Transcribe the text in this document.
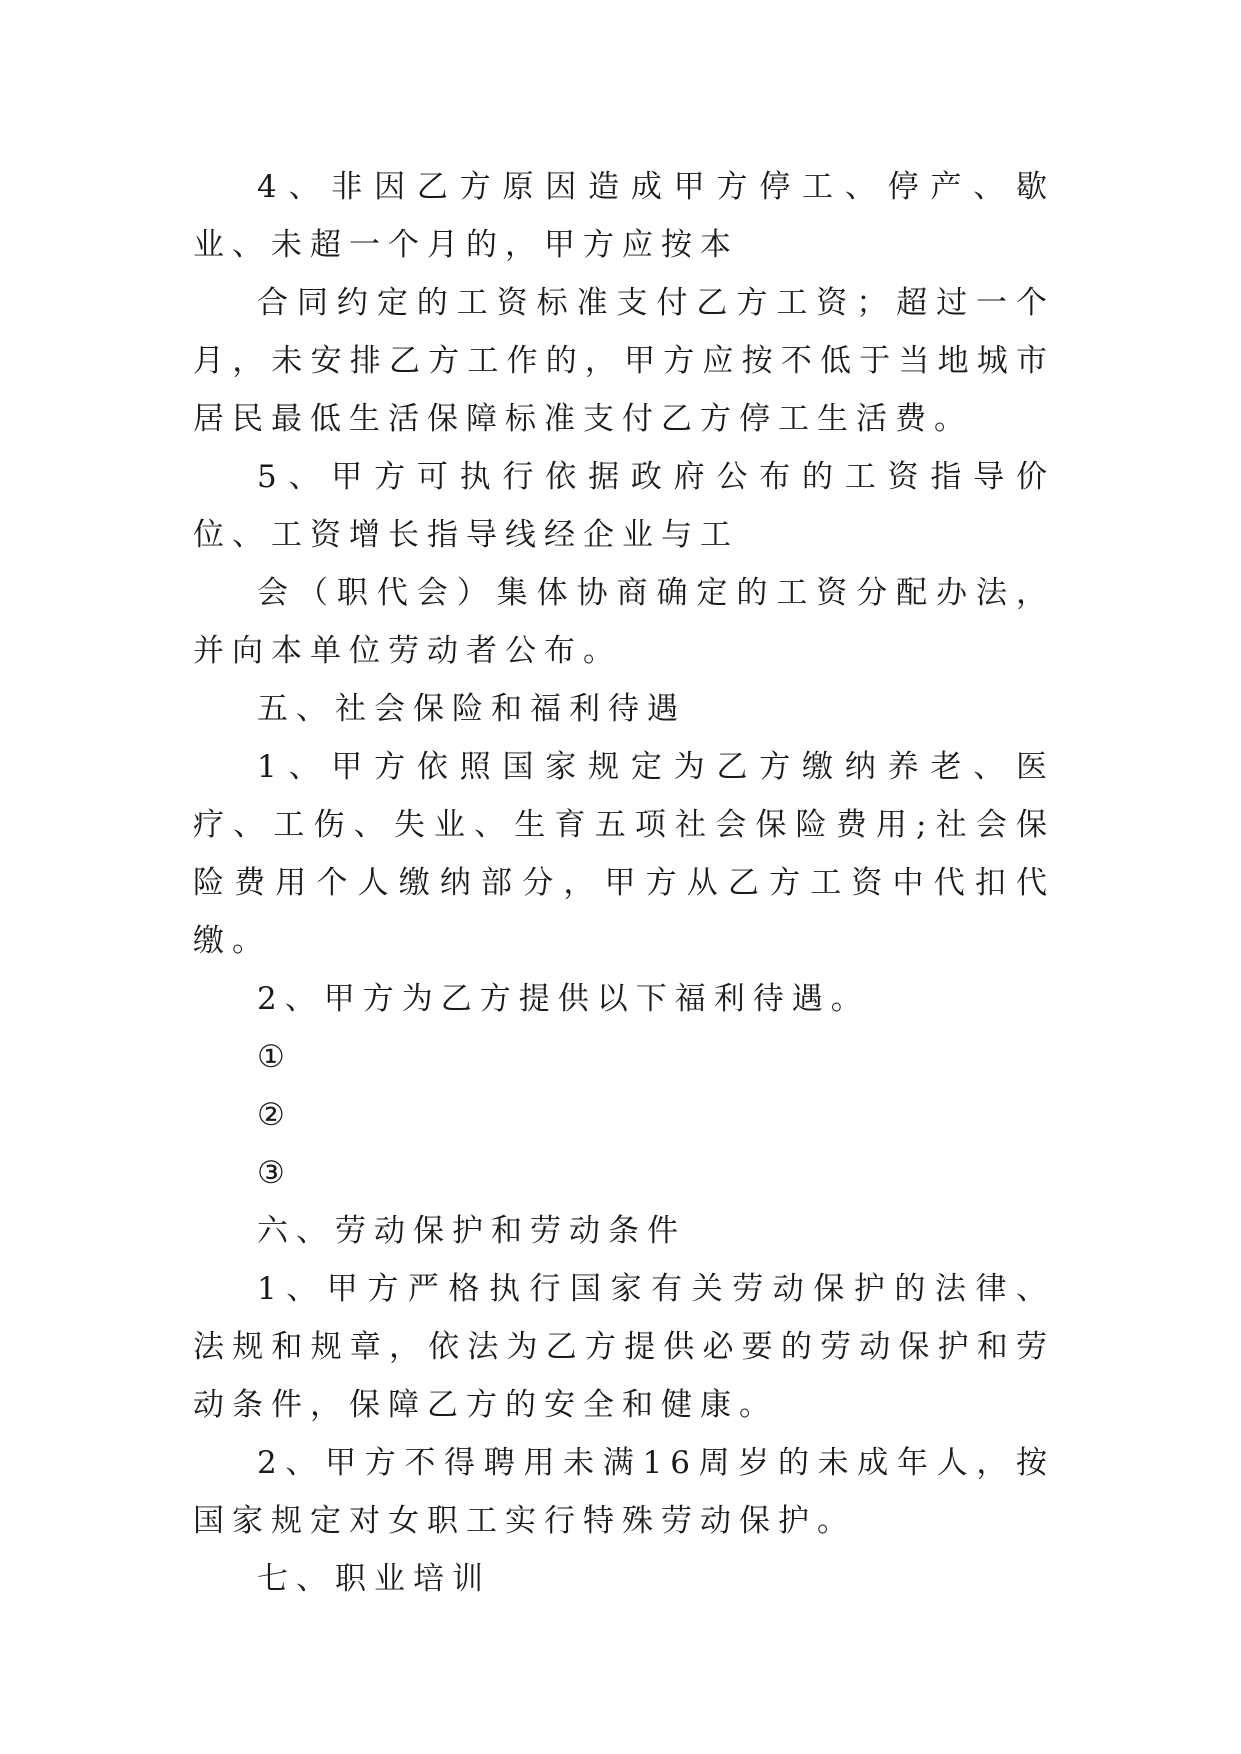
4、非因乙方原因造成甲方停工、停产、歇业、未超一个月的，甲方应按本

合同约定的工资标准支付乙方工资；超过一个月，未安排乙方工作的，甲方应按不低于当地城市居民最低生活保障标准支付乙方停工生活费。

5、甲方可执行依据政府公布的工资指导价位、工资增长指导线经企业与工

会（职代会）集体协商确定的工资分配办法，并向本单位劳动者公布。

五、社会保险和福利待遇

1、甲方依照国家规定为乙方缴纳养老、医疗、工伤、失业、生育五项社会保险费用;社会保险费用个人缴纳部分，甲方从乙方工资中代扣代缴。

2、甲方为乙方提供以下福利待遇。

①

②

③

六、劳动保护和劳动条件

1、甲方严格执行国家有关劳动保护的法律、法规和规章，依法为乙方提供必要的劳动保护和劳动条件，保障乙方的安全和健康。

2、甲方不得聘用未满16周岁的未成年人，按国家规定对女职工实行特殊劳动保护。

七、职业培训
